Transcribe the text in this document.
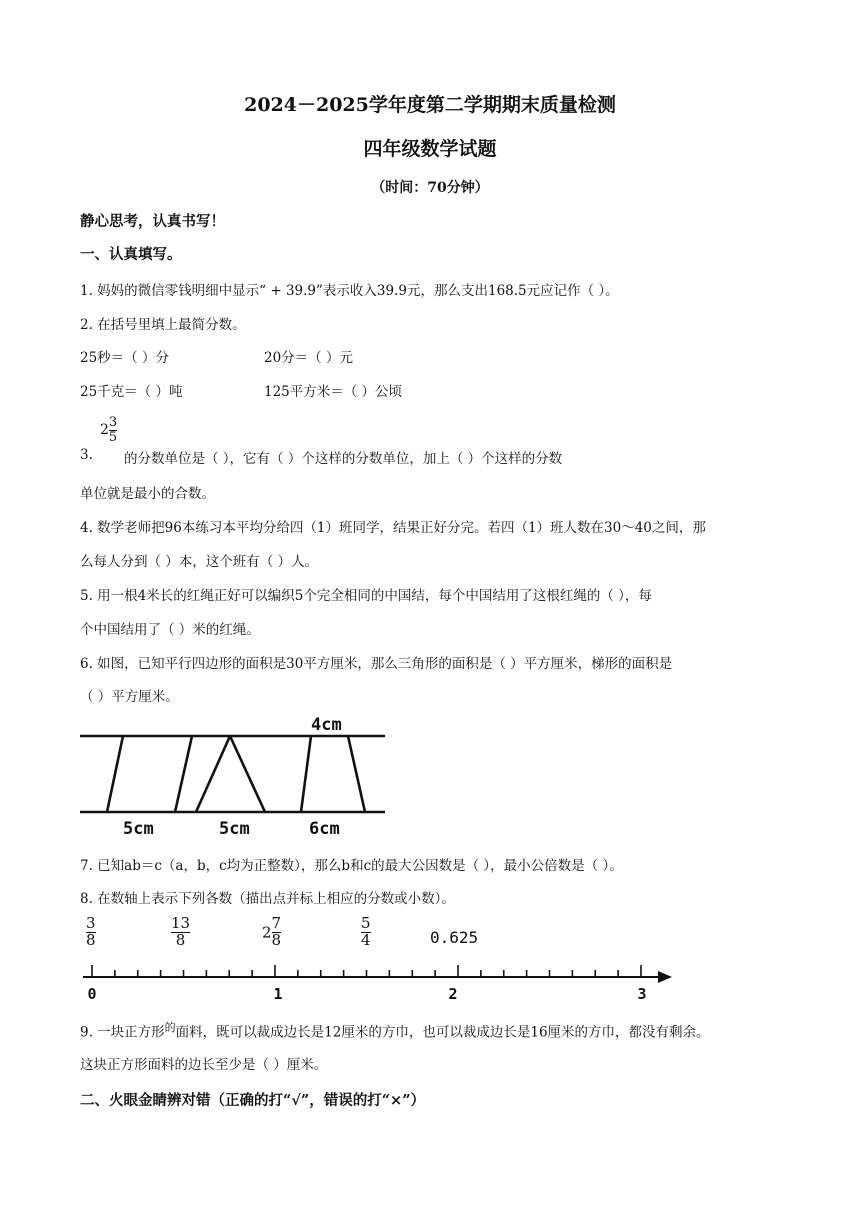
2024－2025学年度第二学期期末质量检测
四年级数学试题
（时间：70分钟）
静心思考，认真书写！
一、认真填写。
1. 妈妈的微信零钱明细中显示“ + 39.9”表示收入39.9元，那么支出168.5元应记作（ ）。
2. 在括号里填上最简分数。
25秒＝（ ）分	20分＝（ ）元
25千克＝（ ）吨	125平方米＝（ ）公顷
$2 \frac{3}{5}$
3. 的分数单位是（ ），它有（ ）个这样的分数单位，加上（ ）个这样的分数
单位就是最小的合数。
4. 数学老师把96本练习本平均分给四（1）班同学，结果正好分完。若四（1）班人数在30～40之间，那
么每人分到（ ）本，这个班有（ ）人。
5. 用一根4米长的红绳正好可以编织5个完全相同的中国结，每个中国结用了这根红绳的（ ），每
个中国结用了（ ）米的红绳。
6. 如图，已知平行四边形的面积是30平方厘米，那么三角形的面积是（ ）平方厘米，梯形的面积是
（ ）平方厘米。
4cm
5cm	5cm	6cm
7. 已知ab＝c（a，b，c均为正整数），那么b和c的最大公因数是（ ），最小公倍数是（ ）。
8. 在数轴上表示下列各数（描出点并标上相应的分数或小数）。
$\frac{3}{8}$	$\frac{13}{8}$	$2 \frac{7}{8}$	$\frac{5}{4}$	0.625
0	1	2	3
9. 一块正方形$^的$面料，既可以裁成边长是12厘米的方巾，也可以裁成边长是16厘米的方巾，都没有剩余。
这块正方形面料的边长至少是（ ）厘米。
二、火眼金睛辨对错（正确的打“√”，错误的打“×”）
